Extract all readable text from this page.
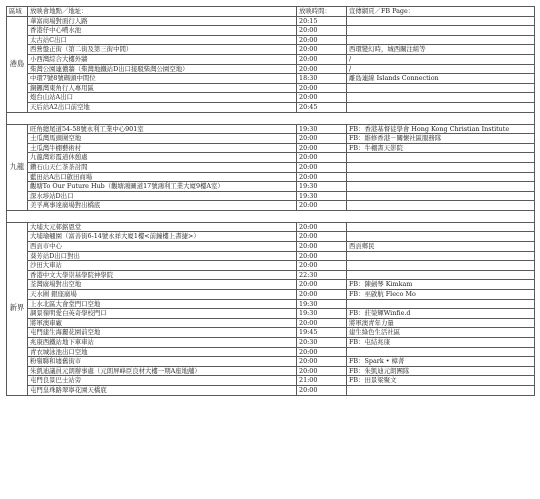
區域	放映會地點／地址：	放映時間：	宣傳網頁／FB Page：
港島	華富商場對面行人路	20:15	
	香港仔中心噴水池	20:00	
	太古站C出口	20:00	
	西營盤正街（第二街及第三街中間）	20:00	西環變幻時，城西關注組等
	小西灣綜合大樓外牆	20:00	/
	柴灣公園連儂牆（柴灣地鐵站D出口接駁柴灣公園空地）	20:00	/
	中環7號8號碼頭中間位	18:30	離島連線 Islands Connection
	銅鑼灣東角行人專用區	20:00	
	炮台山站A出口	20:00	
	天后站A2出口前空地	20:45	

九龍	旺角總尾道54-58號永利工業中心901室	19:30	FB：香港基督徒學會 Hong Kong Christian Institute
	土瓜灣馬頭圍空地	20:00	FB：維修香港－關懷社區服務隊
	土瓜灣牛棚藝術村	20:00	FB：牛棚書天影院
	九龍灣彩霞道休憩處	20:00	
	鑽石山天仁茶茶討間	20:00	
	藍田站A出口啟田商場	20:00	
	觀塘To Our Future Hub（觀塘鴻圖道17號鴻利工業大廈9樓A室）	19:30	
	深水埗站D出口	19:30	
	美孚萬事達廣場對出橋底	20:00	

新界	大埔大元邨銘恩堂	20:00	
	大埔瑜翹園（富善街6-14號永祥大廈1樓<前鐘樓上書捷>）	20:00	
	西貢市中心	20:00	西貢鄉民
	葵芳站D出口對出	20:00	
	沙田大車站	20:00	
	香港中文大學崇基學院神學院	22:30	
	荃灣廣場對出空地	20:00	FB：陳劍琴 Kimkam
	天水圍 銀座廣場	20:00	FB：巫啟航 Fleco Mo
	上水北區大會堂門口空地	19:30	
	調景嶺明愛白英奇學校門口	19:30	FB：莊榮輝Winfie.d
	將軍澳車廠	20:00	將軍澳青年力量
	屯門建生海麗花園前空地	19:45	建生綠色生活社區
	兆康西鐵站地下車車站	20:30	FB：屯結兆康
	青衣城泳池出口空地	20:00	
	粉嶺聯和墟舊街市	20:00	FB：Spark • 樟菁
	朱凱迪議員元朗辦事處（元朗屏峰臣良材大樓一期A座地舖）	20:00	FB：朱凱迪元朗團隊
	屯門良景巴士站旁	21:00	FB：田景梁聚文
	屯門皇珠路翠寧花園天橋底	20:00	
